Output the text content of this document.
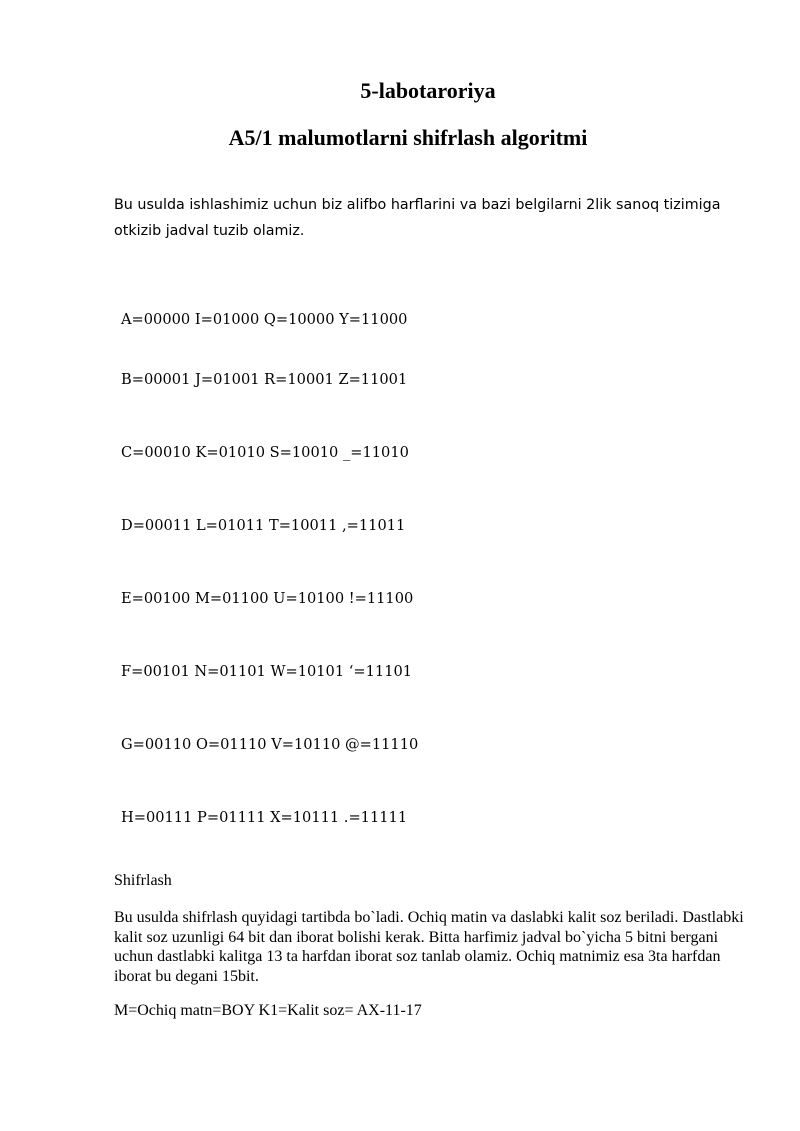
5-labotaroriya
A5/1 malumotlarni shifrlash algoritmi
Bu usulda ishlashimiz uchun biz alifbo harflarini va bazi belgilarni 2lik sanoq tizimiga otkizib jadval tuzib olamiz.
A=00000 I=01000 Q=10000 Y=11000
B=00001 J=01001 R=10001 Z=11001
C=00010 K=01010 S=10010 _=11010
D=00011 L=01011 T=10011 ,=11011
E=00100 M=01100 U=10100 !=11100
F=00101 N=01101 W=10101 ‘=11101
G=00110 O=01110 V=10110 @=11110
H=00111 P=01111 X=10111 .=11111
Shifrlash
Bu usulda shifrlash quyidagi tartibda bo`ladi. Ochiq matin va daslabki kalit soz beriladi. Dastlabki kalit soz uzunligi 64 bit dan iborat bolishi kerak. Bitta harfimiz jadval bo`yicha 5 bitni bergani uchun dastlabki kalitga 13 ta harfdan iborat soz tanlab olamiz. Ochiq matnimiz esa 3ta harfdan iborat bu degani 15bit.
M=Ochiq matn=BOY K1=Kalit soz= AX-11-17
